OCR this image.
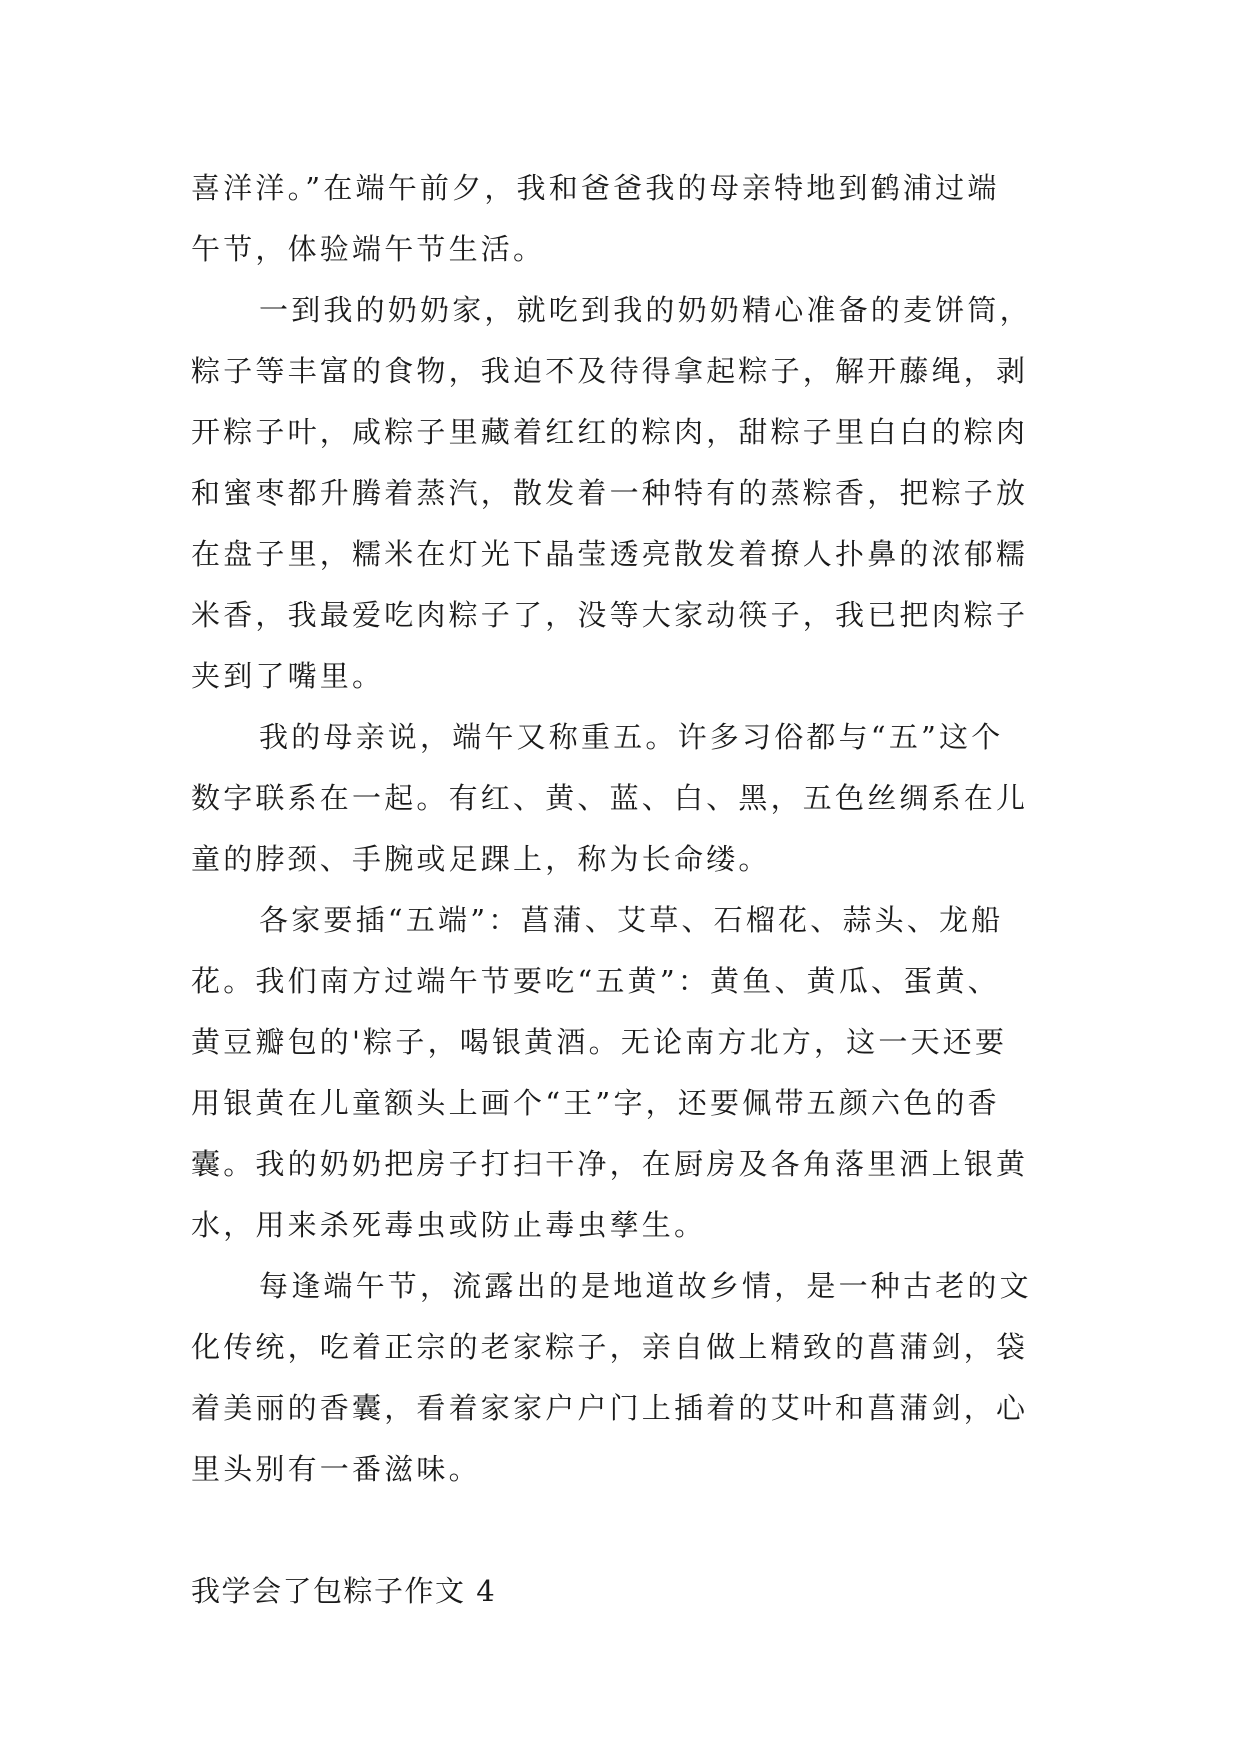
喜洋洋。”在端午前夕，我和爸爸我的母亲特地到鹤浦过端
午节，体验端午节生活。
一到我的奶奶家，就吃到我的奶奶精心准备的麦饼筒，
粽子等丰富的食物，我迫不及待得拿起粽子，解开藤绳，剥
开粽子叶，咸粽子里藏着红红的粽肉，甜粽子里白白的粽肉
和蜜枣都升腾着蒸汽，散发着一种特有的蒸粽香，把粽子放
在盘子里，糯米在灯光下晶莹透亮散发着撩人扑鼻的浓郁糯
米香，我最爱吃肉粽子了，没等大家动筷子，我已把肉粽子
夹到了嘴里。
我的母亲说，端午又称重五。许多习俗都与“五”这个
数字联系在一起。有红、黄、蓝、白、黑，五色丝绸系在儿
童的脖颈、手腕或足踝上，称为长命缕。
各家要插“五端”：菖蒲、艾草、石榴花、蒜头、龙船
花。我们南方过端午节要吃“五黄”：黄鱼、黄瓜、蛋黄、
黄豆瓣包的'粽子，喝银黄酒。无论南方北方，这一天还要
用银黄在儿童额头上画个“王”字，还要佩带五颜六色的香
囊。我的奶奶把房子打扫干净，在厨房及各角落里洒上银黄
水，用来杀死毒虫或防止毒虫孳生。
每逢端午节，流露出的是地道故乡情，是一种古老的文
化传统，吃着正宗的老家粽子，亲自做上精致的菖蒲剑，袋
着美丽的香囊，看着家家户户门上插着的艾叶和菖蒲剑，心
里头别有一番滋味。
我学会了包粽子作文 4
